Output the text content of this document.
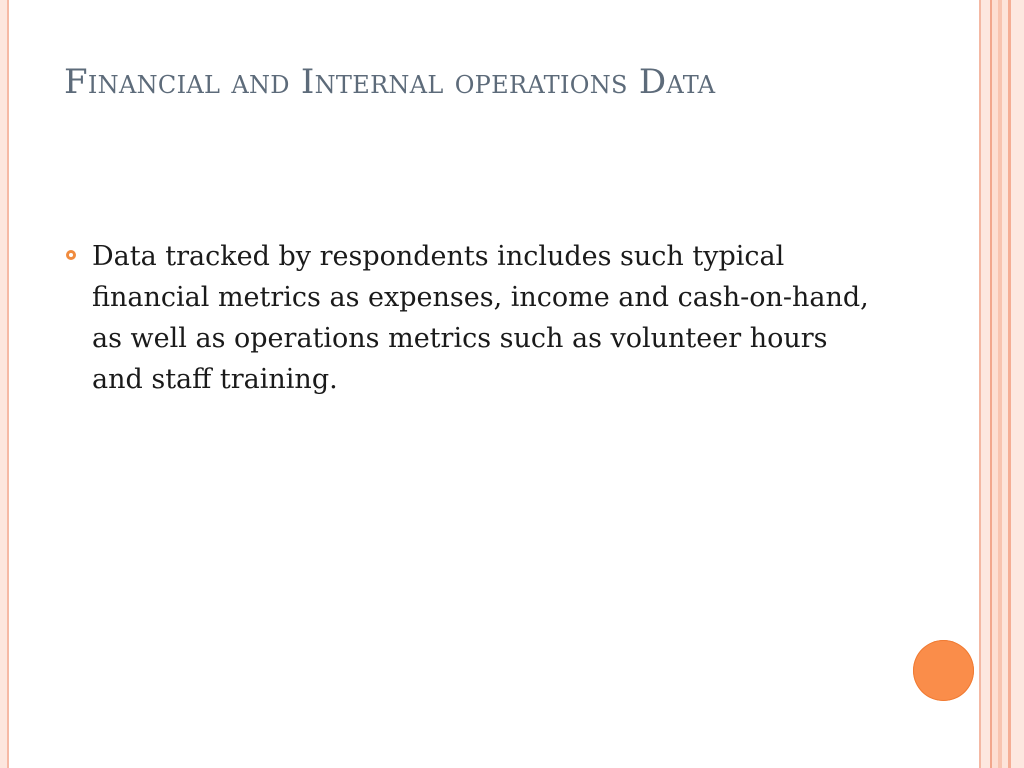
Financial and Internal operations Data

Data tracked by respondents includes such typical financial metrics as expenses, income and cash-on-hand, as well as operations metrics such as volunteer hours and staff training.
